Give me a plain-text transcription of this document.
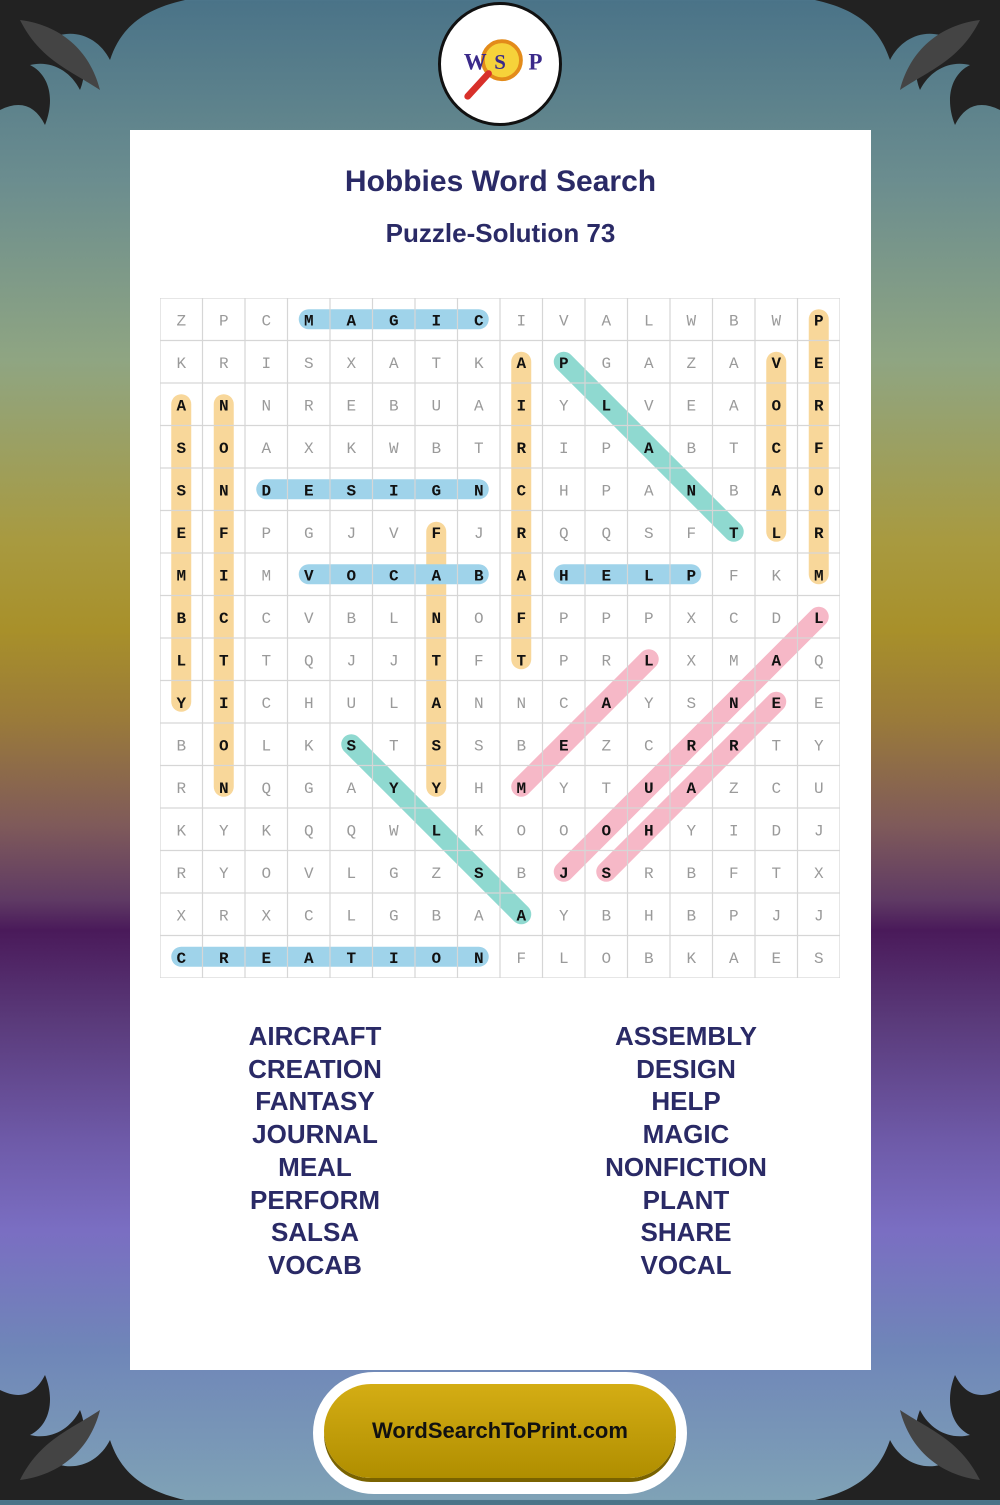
W S P
Hobbies Word Search
Puzzle-Solution 73
Z P C M A G I C I V A L W B W P
K R I S X A T K A P G A Z A V E
A N N R E B U A I Y L V E A O R
S O A X K W B T R I P A B T C F
S N D E S I G N C H P A N B A O
E F P G J V F J R Q Q S F T L R
M I M V O C A B A H E L P F K M
B C C V B L N O F P P P X C D L
L T T Q J J T F T P R L X M A Q
Y I C H U L A N N C A Y S N E E
B O L K S T S S B E Z C R R T Y
R N Q G A Y Y H M Y T U A Z C U
K Y K Q Q W L K O O O H Y I D J
R Y O V L G Z S B J S R B F T X
X R X C L G B A A Y B H B P J J
C R E A T I O N F L O B K A E S
AIRCRAFT
CREATION
FANTASY
JOURNAL
MEAL
PERFORM
SALSA
VOCAB
ASSEMBLY
DESIGN
HELP
MAGIC
NONFICTION
PLANT
SHARE
VOCAL
WordSearchToPrint.com
